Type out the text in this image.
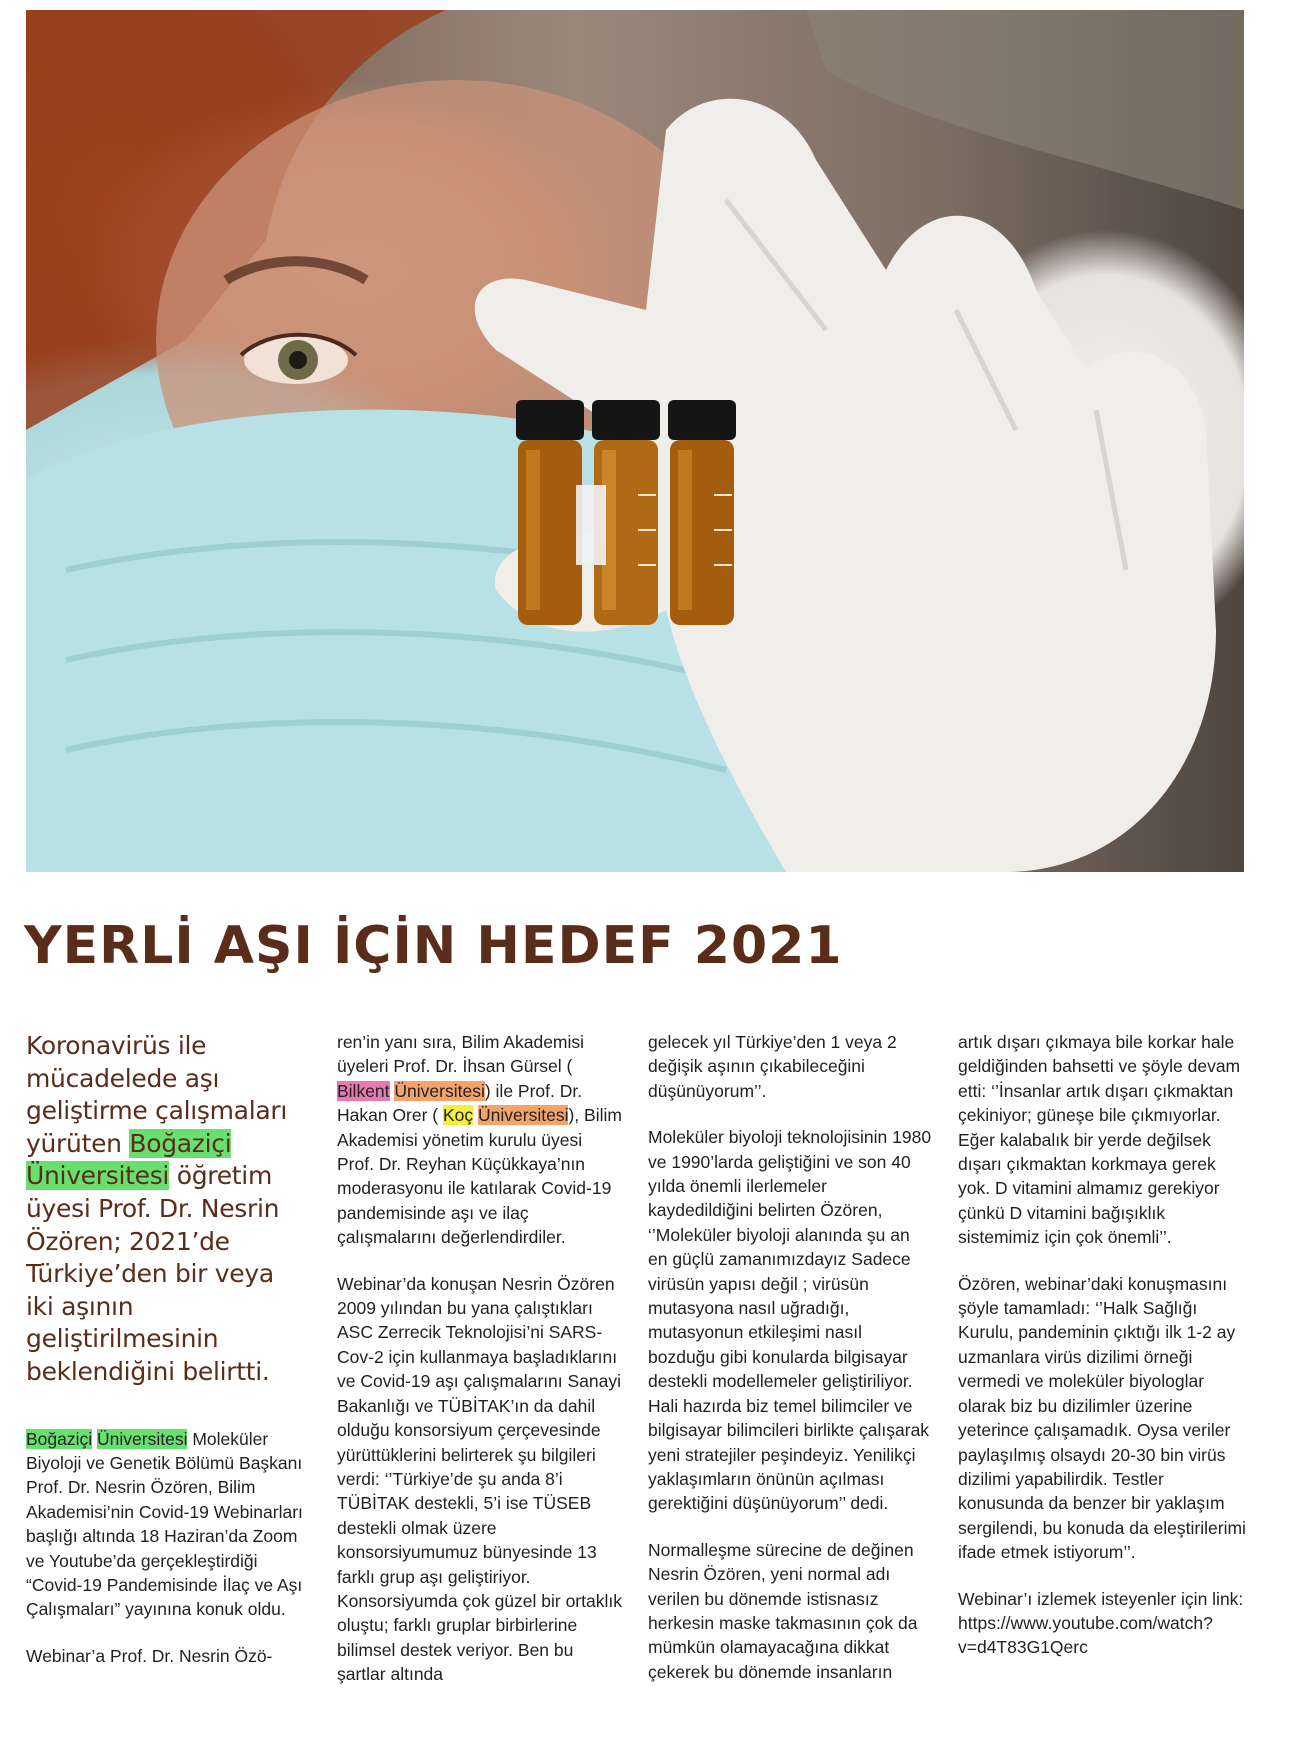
YERLİ AŞI İÇİN HEDEF 2021

Koronavirüs ile mücadelede aşı geliştirme çalışmaları yürüten Boğaziçi Üniversitesi öğretim üyesi Prof. Dr. Nesrin Özören; 2021’de Türkiye’den bir veya iki aşının geliştirilmesinin beklendiğini belirtti.

Boğaziçi Üniversitesi Moleküler Biyoloji ve Genetik Bölümü Başkanı Prof. Dr. Nesrin Özören, Bilim Akademisi’nin Covid-19 Webinarları başlığı altında 18 Haziran’da Zoom ve Youtube’da gerçekleştirdiği “Covid-19 Pandemisinde İlaç ve Aşı Çalışmaları” yayınına konuk oldu.

Webinar’a Prof. Dr. Nesrin Özö-

ren’in yanı sıra, Bilim Akademisi üyeleri Prof. Dr. İhsan Gürsel ( Bilkent Üniversitesi) ile Prof. Dr. Hakan Orer ( Koç Üniversitesi), Bilim Akademisi yönetim kurulu üyesi Prof. Dr. Reyhan Küçükkaya’nın moderasyonu ile katılarak Covid-19 pandemisinde aşı ve ilaç çalışmalarını değerlendirdiler.

Webinar’da konuşan Nesrin Özören 2009 yılından bu yana çalıştıkları ASC Zerrecik Teknolojisi’ni SARS-Cov-2 için kullanmaya başladıklarını ve Covid-19 aşı çalışmalarını Sanayi Bakanlığı ve TÜBİTAK’ın da dahil olduğu konsorsiyum çerçevesinde yürüttüklerini belirterek şu bilgileri verdi: ‘’Türkiye’de şu anda 8’i TÜBİTAK destekli, 5’i ise TÜSEB destekli olmak üzere konsorsiyumumuz bünyesinde 13 farklı grup aşı geliştiriyor. Konsorsiyumda çok güzel bir ortaklık oluştu; farklı gruplar birbirlerine bilimsel destek veriyor. Ben bu şartlar altında

gelecek yıl Türkiye’den 1 veya 2 değişik aşının çıkabileceğini düşünüyorum’’.

Moleküler biyoloji teknolojisinin 1980 ve 1990’larda geliştiğini ve son 40 yılda önemli ilerlemeler kaydedildiğini belirten Özören, ‘’Moleküler biyoloji alanında şu an en güçlü zamanımızdayız Sadece virüsün yapısı değil ; virüsün mutasyona nasıl uğradığı, mutasyonun etkileşimi nasıl bozduğu gibi konularda bilgisayar destekli modellemeler geliştiriliyor. Hali hazırda biz temel bilimciler ve bilgisayar bilimcileri birlikte çalışarak yeni stratejiler peşindeyiz. Yenilikçi yaklaşımların önünün açılması gerektiğini düşünüyorum’’ dedi.

Normalleşme sürecine de değinen Nesrin Özören, yeni normal adı verilen bu dönemde istisnasız herkesin maske takmasının çok da mümkün olamayacağına dikkat çekerek bu dönemde insanların

artık dışarı çıkmaya bile korkar hale geldiğinden bahsetti ve şöyle devam etti: ‘’İnsanlar artık dışarı çıkmaktan çekiniyor; güneşe bile çıkmıyorlar. Eğer kalabalık bir yerde değilsek dışarı çıkmaktan korkmaya gerek yok. D vitamini almamız gerekiyor çünkü D vitamini bağışıklık sistemimiz için çok önemli’’.

Özören, webinar’daki konuşmasını şöyle tamamladı: ‘’Halk Sağlığı Kurulu, pandeminin çıktığı ilk 1-2 ay uzmanlara virüs dizilimi örneği vermedi ve moleküler biyologlar olarak biz bu dizilimler üzerine yeterince çalışamadık. Oysa veriler paylaşılmış olsaydı 20-30 bin virüs dizilimi yapabilirdik. Testler konusunda da benzer bir yaklaşım sergilendi, bu konuda da eleştirilerimi ifade etmek istiyorum’’.

Webinar’ı izlemek isteyenler için link: https://www.youtube.com/watch?v=d4T83G1Qerc
